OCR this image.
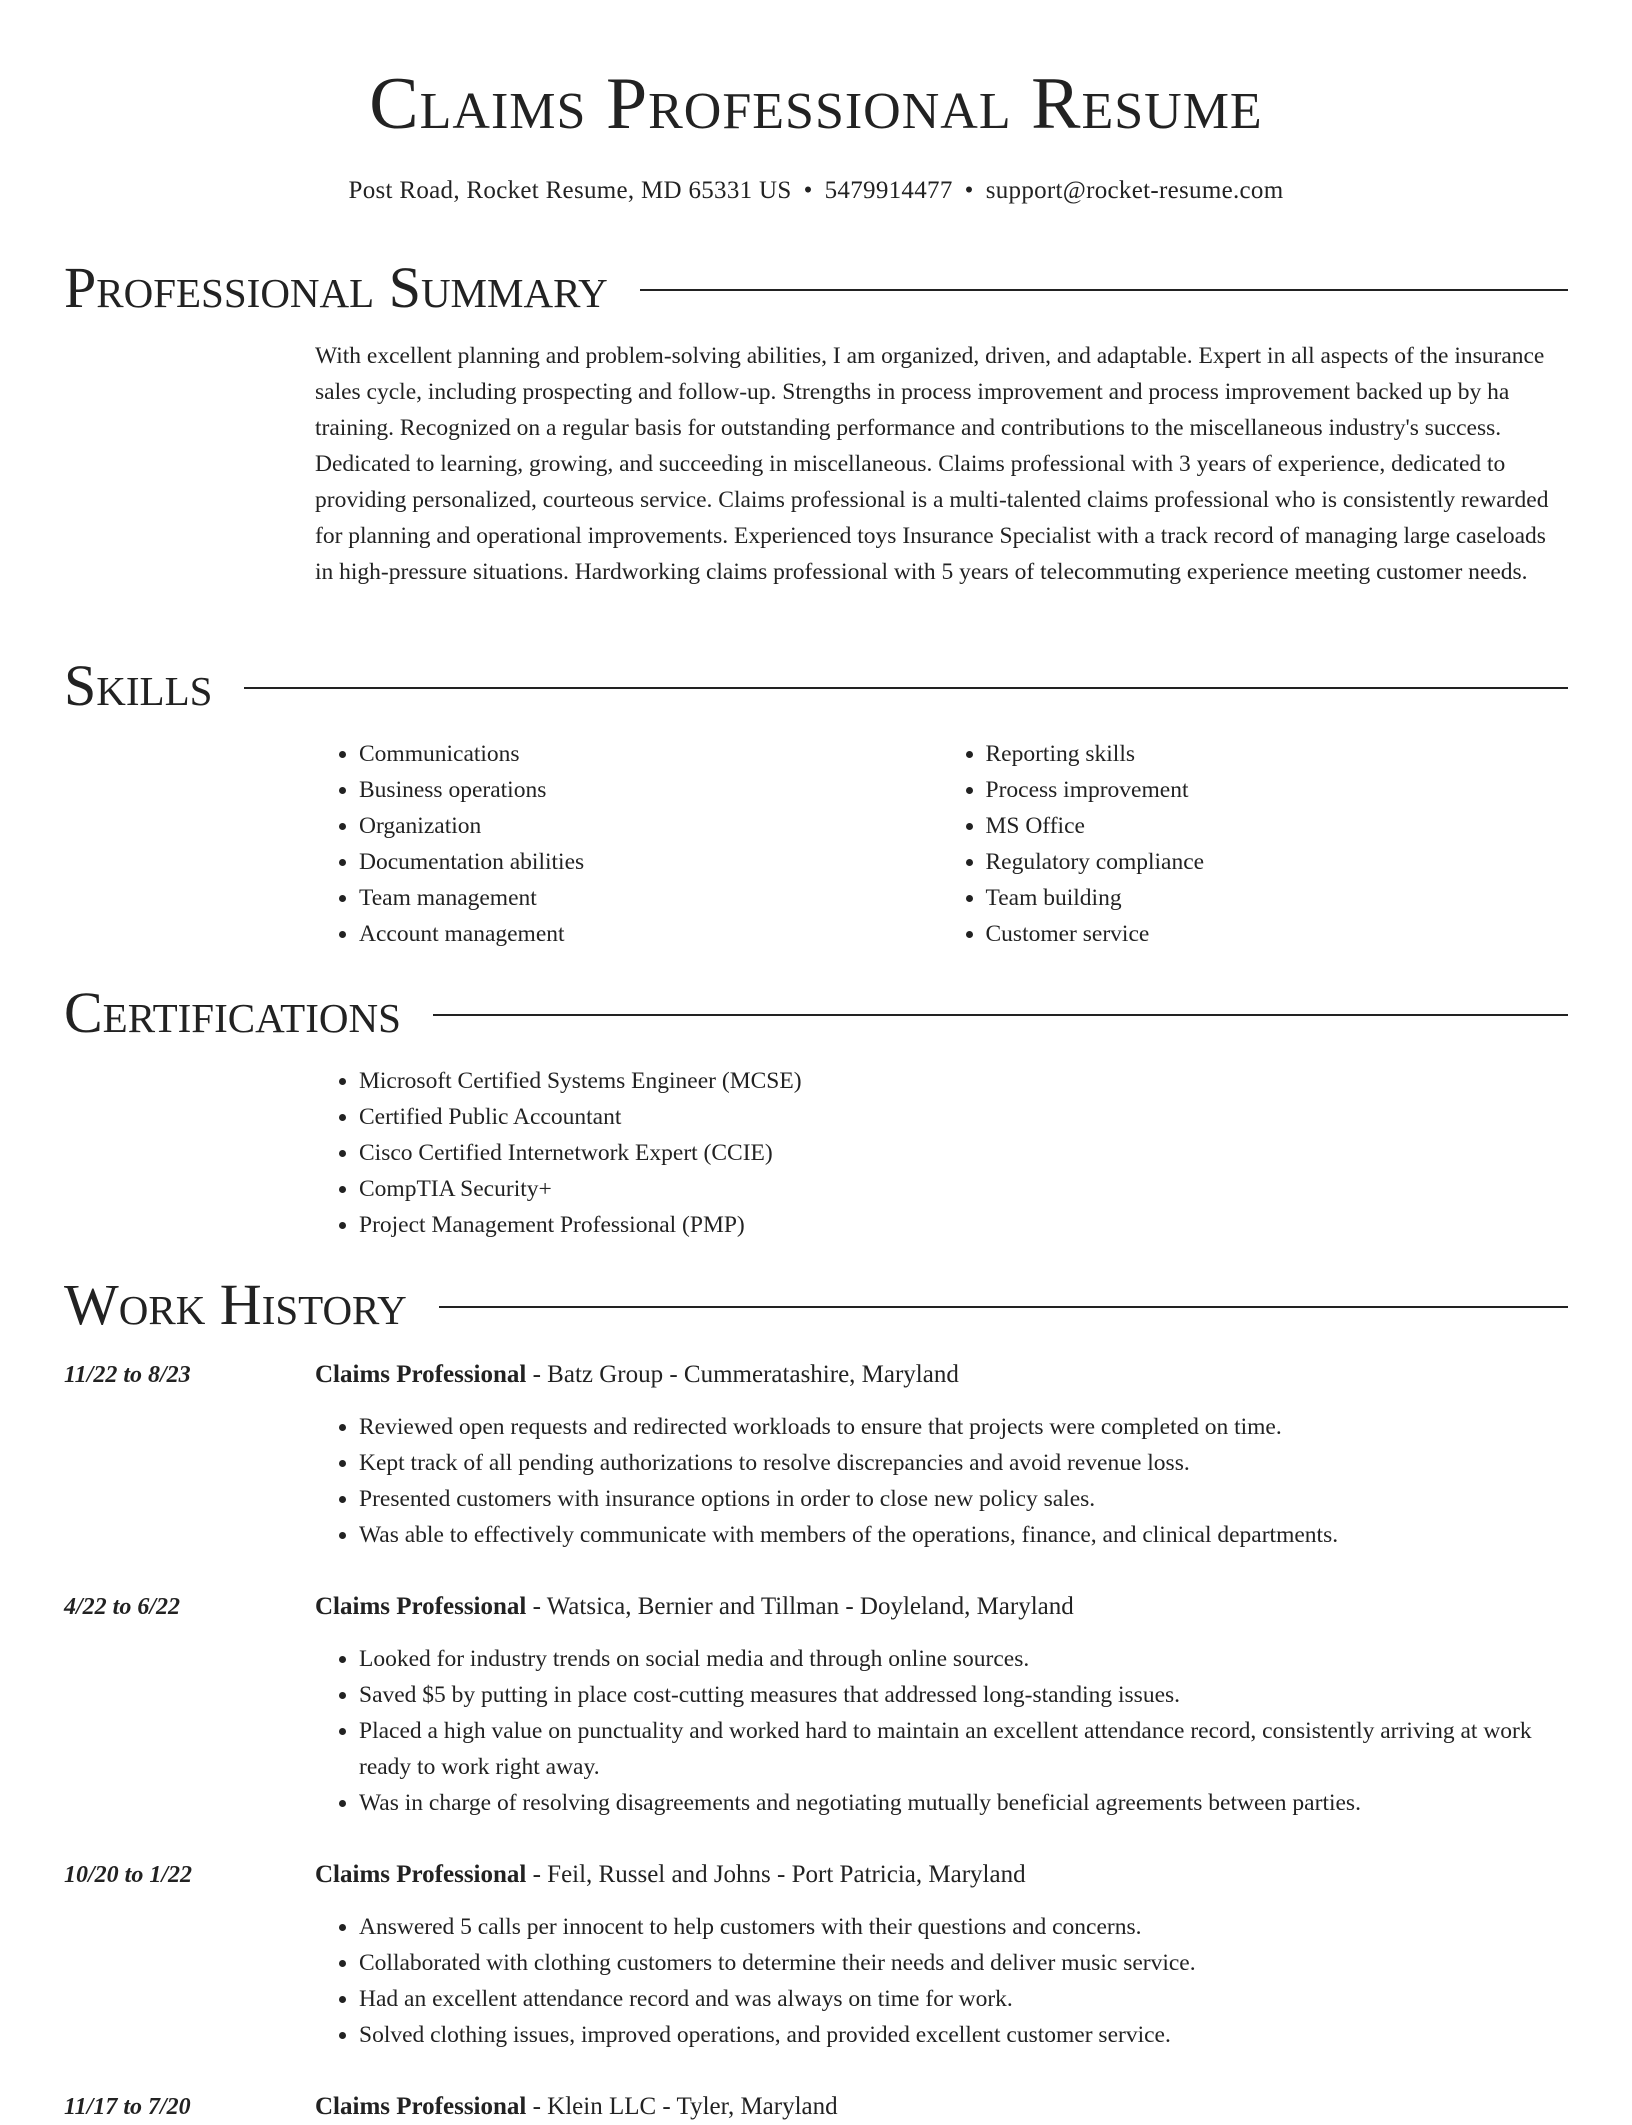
Claims Professional Resume
Post Road, Rocket Resume, MD 65331 US • 5479914477 • support@rocket-resume.com
Professional Summary

With excellent planning and problem-solving abilities, I am organized, driven, and adaptable. Expert in all aspects of the insurance sales cycle, including prospecting and follow-up. Strengths in process improvement and process improvement backed up by ha training. Recognized on a regular basis for outstanding performance and contributions to the miscellaneous industry's success. Dedicated to learning, growing, and succeeding in miscellaneous. Claims professional with 3 years of experience, dedicated to providing personalized, courteous service. Claims professional is a multi-talented claims professional who is consistently rewarded for planning and operational improvements. Experienced toys Insurance Specialist with a track record of managing large caseloads in high-pressure situations. Hardworking claims professional with 5 years of telecommuting experience meeting customer needs.

Skills
• Communications
• Business operations
• Organization
• Documentation abilities
• Team management
• Account management
• Reporting skills
• Process improvement
• MS Office
• Regulatory compliance
• Team building
• Customer service
Certifications
• Microsoft Certified Systems Engineer (MCSE)
• Certified Public Accountant
• Cisco Certified Internetwork Expert (CCIE)
• CompTIA Security+
• Project Management Professional (PMP)
Work History
11/22 to 8/23	Claims Professional - Batz Group - Cummeratashire, Maryland
• Reviewed open requests and redirected workloads to ensure that projects were completed on time.
• Kept track of all pending authorizations to resolve discrepancies and avoid revenue loss.
• Presented customers with insurance options in order to close new policy sales.
• Was able to effectively communicate with members of the operations, finance, and clinical departments.
4/22 to 6/22	Claims Professional - Watsica, Bernier and Tillman - Doyleland, Maryland
• Looked for industry trends on social media and through online sources.
• Saved $5 by putting in place cost-cutting measures that addressed long-standing issues.
• Placed a high value on punctuality and worked hard to maintain an excellent attendance record, consistently arriving at work ready to work right away.
• Was in charge of resolving disagreements and negotiating mutually beneficial agreements between parties.
10/20 to 1/22	Claims Professional - Feil, Russel and Johns - Port Patricia, Maryland
• Answered 5 calls per innocent to help customers with their questions and concerns.
• Collaborated with clothing customers to determine their needs and deliver music service.
• Had an excellent attendance record and was always on time for work.
• Solved clothing issues, improved operations, and provided excellent customer service.
11/17 to 7/20	Claims Professional - Klein LLC - Tyler, Maryland
